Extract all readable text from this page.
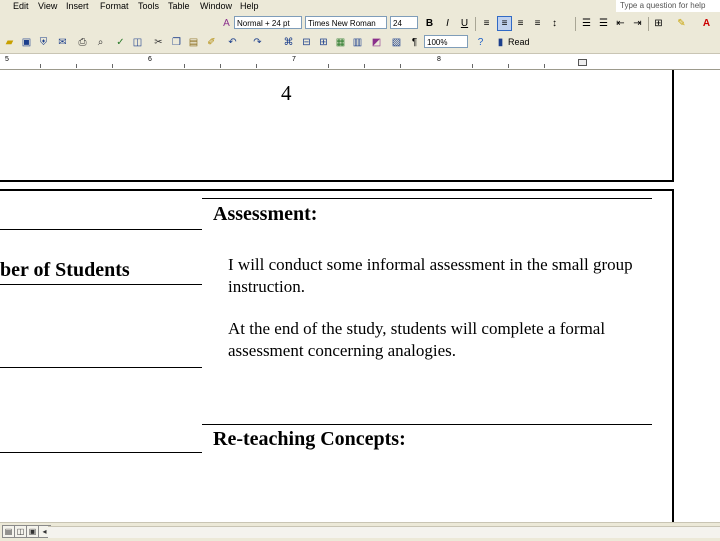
Edit View Insert Format Tools Table Window Help	Type a question for help
A Normal + 24 pt	Times New Roman	24	B	I	U	≡	≡	≡	≡	↕	☰ ☰ ⇤ ⇥ ⊞ ✎ A
▰ ▣ ⛨ ✉ ⎙	⌕	✓ ◫ ✂ ❐ ▤ ✐ ↶ ↷ ⌘ ⊟ ⊞ ▦ ▥ ◩ ▧	¶	100%	?	▮ Read
5	6	7	8
4
ber of Students
Assessment:
I will conduct some informal assessment in the small group instruction.
At the end of the study, students will complete a formal assessment concerning analogies.
Re-teaching Concepts:
▤ ◫ ▣ ◂
